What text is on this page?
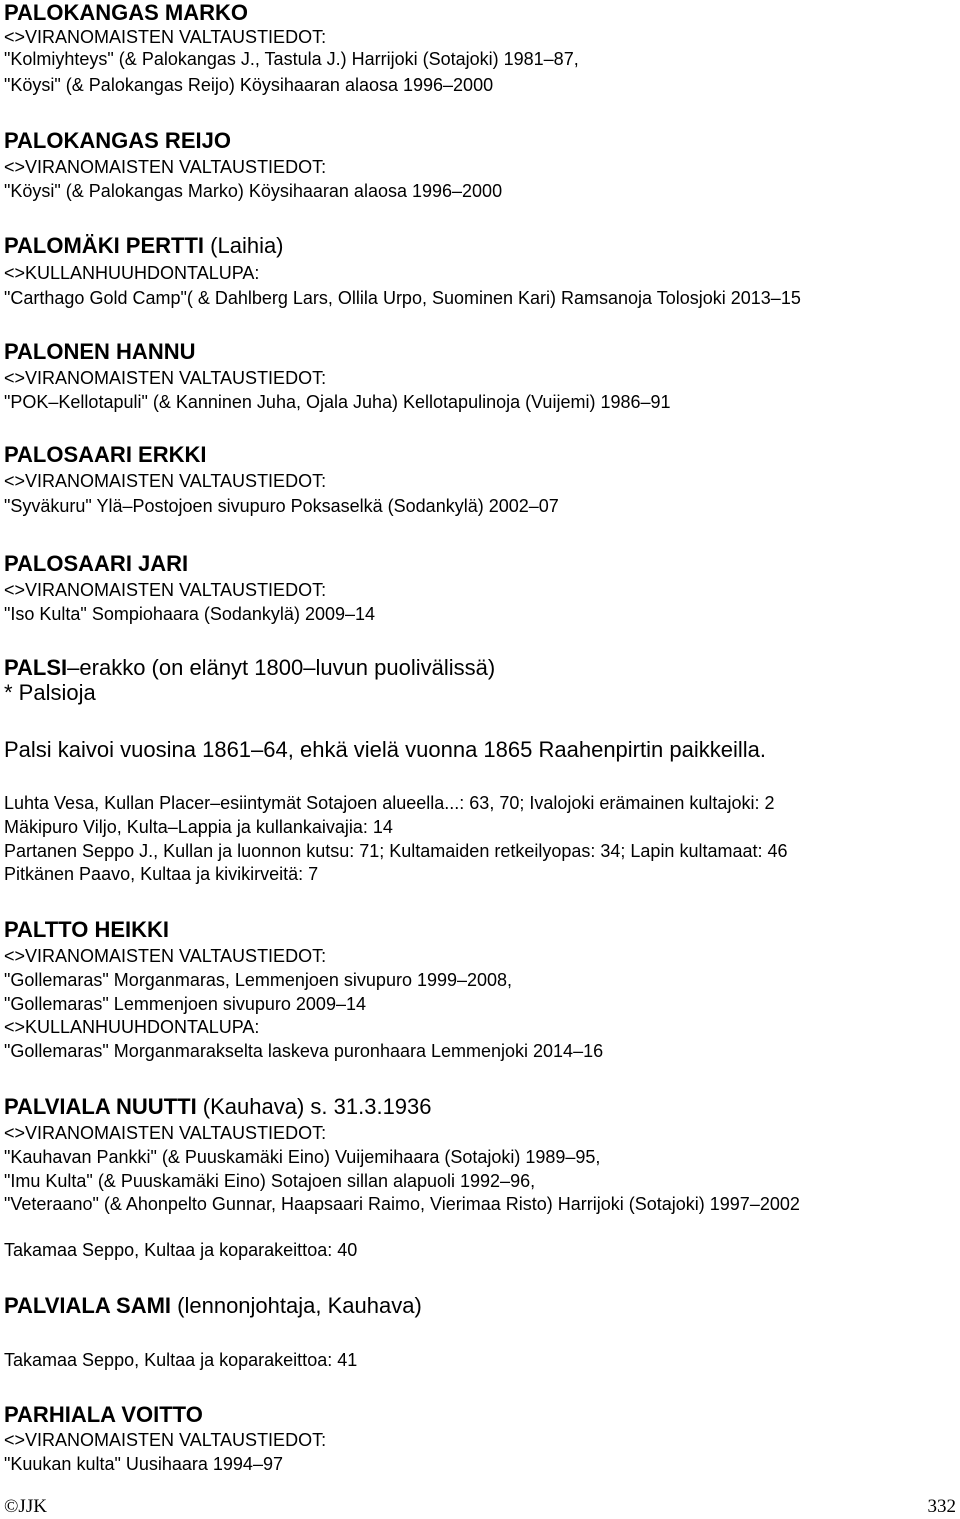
PALOKANGAS MARKO
<>VIRANOMAISTEN VALTAUSTIEDOT:
"Kolmiyhteys" (& Palokangas J., Tastula J.) Harrijoki (Sotajoki) 1981–87,
"Köysi" (& Palokangas Reijo) Köysihaaran alaosa 1996–2000
PALOKANGAS REIJO
<>VIRANOMAISTEN VALTAUSTIEDOT:
"Köysi" (& Palokangas Marko) Köysihaaran alaosa 1996–2000
PALOMÄKI PERTTI (Laihia)
<>KULLANHUUHDONTALUPA:
"Carthago Gold Camp"( & Dahlberg Lars, Ollila Urpo, Suominen Kari) Ramsanoja Tolosjoki 2013–15
PALONEN HANNU
<>VIRANOMAISTEN VALTAUSTIEDOT:
"POK–Kellotapuli" (& Kanninen Juha, Ojala Juha) Kellotapulinoja (Vuijemi) 1986–91
PALOSAARI ERKKI
<>VIRANOMAISTEN VALTAUSTIEDOT:
"Syväkuru" Ylä–Postojoen sivupuro Poksaselkä (Sodankylä) 2002–07
PALOSAARI JARI
<>VIRANOMAISTEN VALTAUSTIEDOT:
"Iso Kulta" Sompiohaara (Sodankylä) 2009–14
PALSI–erakko (on elänyt 1800–luvun puolivälissä)
* Palsioja
Palsi kaivoi vuosina 1861–64, ehkä vielä vuonna 1865 Raahenpirtin paikkeilla.
Luhta Vesa, Kullan Placer–esiintymät Sotajoen alueella...: 63, 70; Ivalojoki erämainen kultajoki: 2
Mäkipuro Viljo, Kulta–Lappia ja kullankaivajia: 14
Partanen Seppo J., Kullan ja luonnon kutsu: 71; Kultamaiden retkeilyopas: 34; Lapin kultamaat: 46
Pitkänen Paavo, Kultaa ja kivikirveitä: 7
PALTTO HEIKKI
<>VIRANOMAISTEN VALTAUSTIEDOT:
"Gollemaras" Morganmaras, Lemmenjoen sivupuro 1999–2008,
"Gollemaras" Lemmenjoen sivupuro 2009–14
<>KULLANHUUHDONTALUPA:
"Gollemaras" Morganmarakselta laskeva puronhaara Lemmenjoki 2014–16
PALVIALA NUUTTI (Kauhava) s. 31.3.1936
<>VIRANOMAISTEN VALTAUSTIEDOT:
"Kauhavan Pankki" (& Puuskamäki Eino) Vuijemihaara (Sotajoki) 1989–95,
"Imu Kulta" (& Puuskamäki Eino) Sotajoen sillan alapuoli 1992–96,
"Veteraano" (& Ahonpelto Gunnar, Haapsaari Raimo, Vierimaa Risto) Harrijoki (Sotajoki) 1997–2002
Takamaa Seppo, Kultaa ja koparakeittoa: 40
PALVIALA SAMI (lennonjohtaja, Kauhava)
Takamaa Seppo, Kultaa ja koparakeittoa: 41
PARHIALA VOITTO
<>VIRANOMAISTEN VALTAUSTIEDOT:
"Kuukan kulta" Uusihaara 1994–97
©JJK	332
